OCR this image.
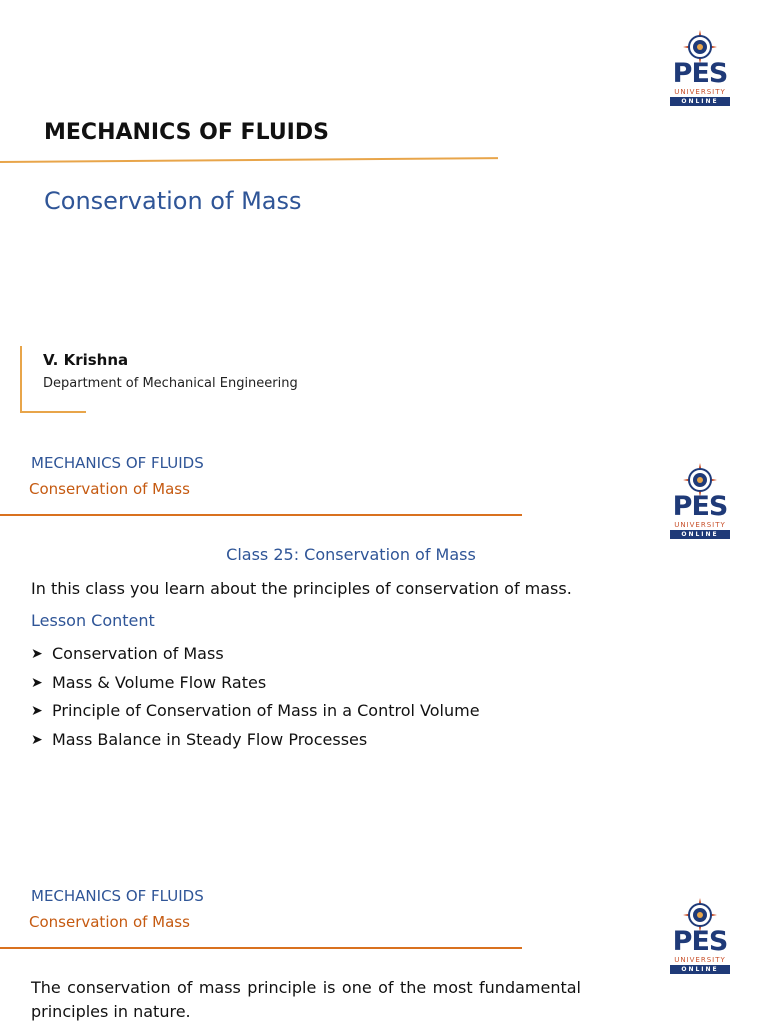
PES
UNIVERSITY
ONLINE
MECHANICS OF FLUIDS
Conservation of Mass
V. Krishna
Department of Mechanical Engineering
PES
UNIVERSITY
ONLINE
MECHANICS OF FLUIDS
Conservation of Mass
Class 25: Conservation of Mass
In this class you learn about the principles of conservation of mass.
Lesson Content
➤ Conservation of Mass
➤ Mass & Volume Flow Rates
➤ Principle of Conservation of Mass in a Control Volume
➤ Mass Balance in Steady Flow Processes
PES
UNIVERSITY
ONLINE
MECHANICS OF FLUIDS
Conservation of Mass
The conservation of mass principle is one of the most fundamental principles in nature.
